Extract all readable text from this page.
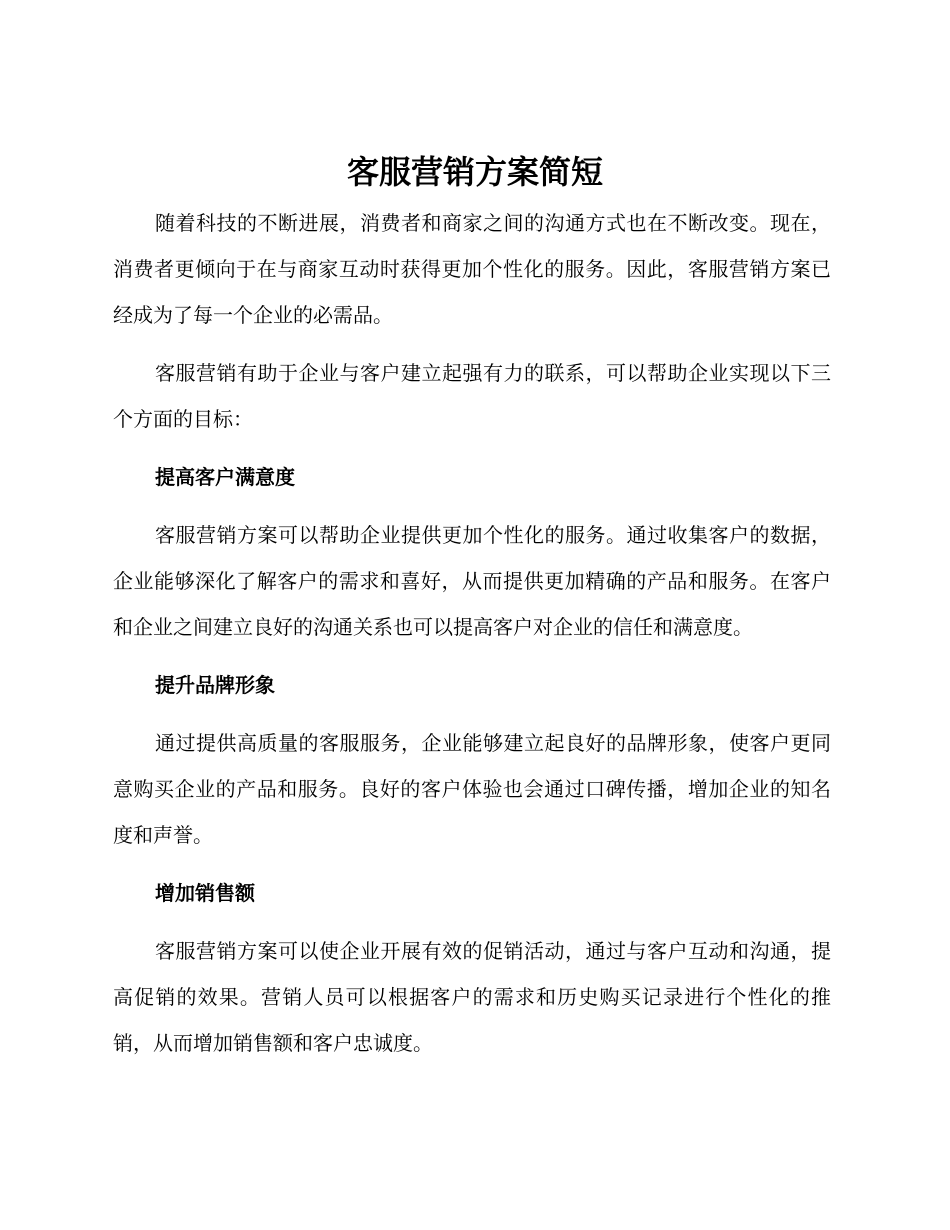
客服营销方案简短

随着科技的不断进展，消费者和商家之间的沟通方式也在不断改变。现在，消费者更倾向于在与商家互动时获得更加个性化的服务。因此，客服营销方案已经成为了每一个企业的必需品。

客服营销有助于企业与客户建立起强有力的联系，可以帮助企业实现以下三个方面的目标：

提高客户满意度

客服营销方案可以帮助企业提供更加个性化的服务。通过收集客户的数据，企业能够深化了解客户的需求和喜好，从而提供更加精确的产品和服务。在客户和企业之间建立良好的沟通关系也可以提高客户对企业的信任和满意度。

提升品牌形象

通过提供高质量的客服服务，企业能够建立起良好的品牌形象，使客户更同意购买企业的产品和服务。良好的客户体验也会通过口碑传播，增加企业的知名度和声誉。

增加销售额

客服营销方案可以使企业开展有效的促销活动，通过与客户互动和沟通，提高促销的效果。营销人员可以根据客户的需求和历史购买记录进行个性化的推销，从而增加销售额和客户忠诚度。
